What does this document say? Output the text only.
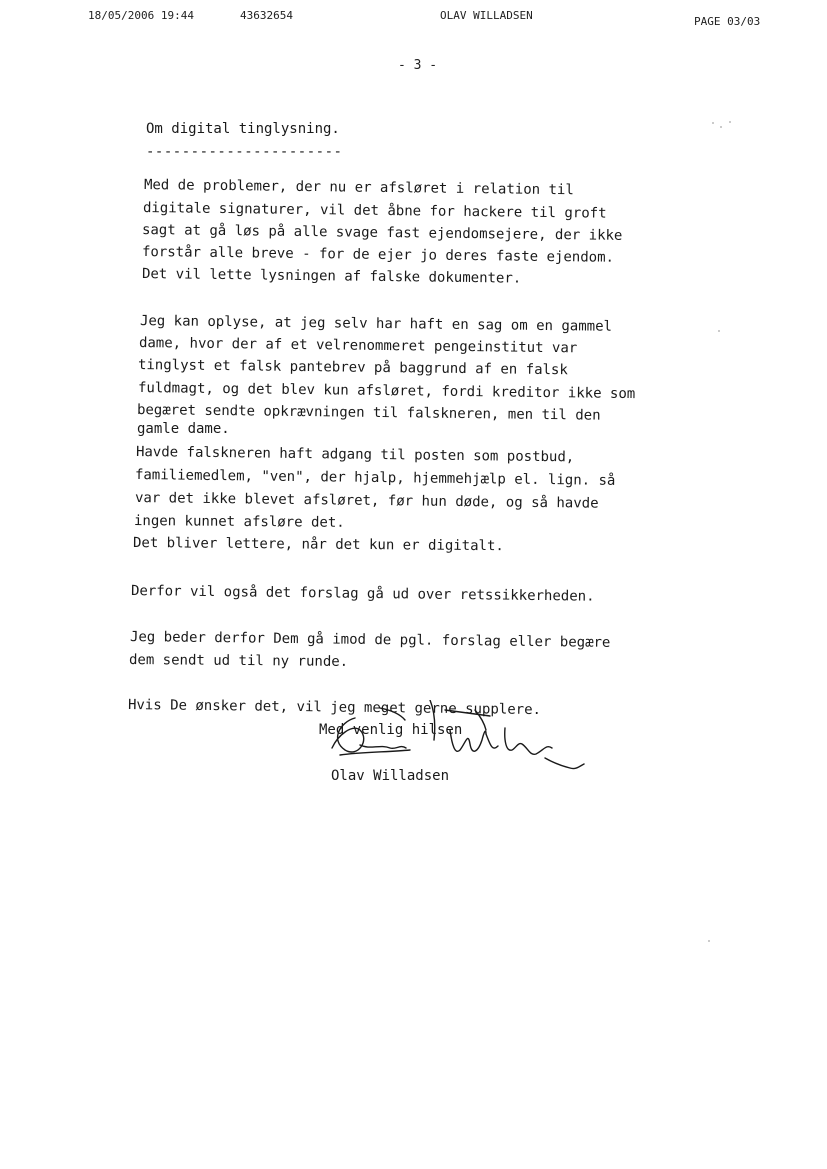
18/05/2006 19:44	43632654	OLAV WILLADSEN	PAGE 03/03
- 3 -
Om digital tinglysning.
----------------------
Med de problemer, der nu er afsløret i relation til
digitale signaturer, vil det åbne for hackere til groft
sagt at gå løs på alle svage fast ejendomsejere, der ikke
forstår alle breve - for de ejer jo deres faste ejendom.
Det vil lette lysningen af falske dokumenter.
Jeg kan oplyse, at jeg selv har haft en sag om en gammel
dame, hvor der af et velrenommeret pengeinstitut var
tinglyst et falsk pantebrev på baggrund af en falsk
fuldmagt, og det blev kun afsløret, fordi kreditor ikke som
begæret sendte opkrævningen til falskneren, men til den
gamle dame.
Havde falskneren haft adgang til posten som postbud,
familiemedlem, "ven", der hjalp, hjemmehjælp el. lign. så
var det ikke blevet afsløret, før hun døde, og så havde
ingen kunnet afsløre det.
Det bliver lettere, når det kun er digitalt.
Derfor vil også det forslag gå ud over retssikkerheden.
Jeg beder derfor Dem gå imod de pgl. forslag eller begære
dem sendt ud til ny runde.
Hvis De ønsker det, vil jeg meget gerne supplere.
Med venlig hilsen
Olav Willadsen
